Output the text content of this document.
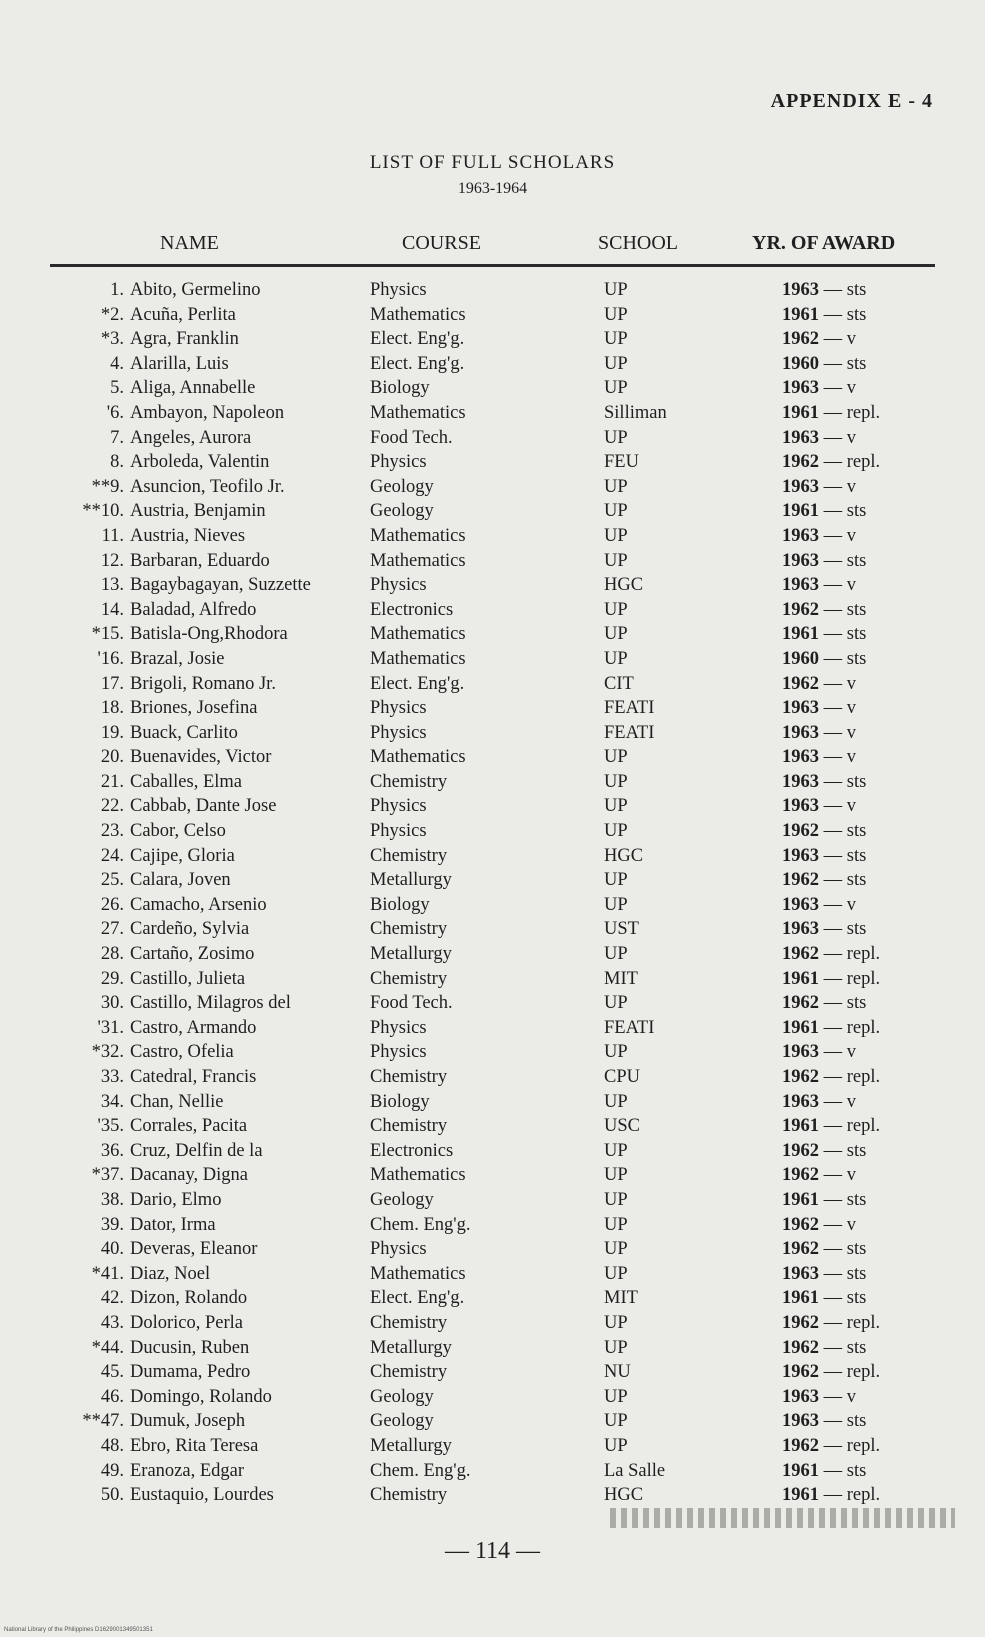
APPENDIX E - 4
LIST OF FULL SCHOLARS
1963-1964
NAME	COURSE	SCHOOL	YR. OF AWARD
1. Abito, Germelino	Physics	UP	1963 — sts
*2. Acuña, Perlita	Mathematics	UP	1961 — sts
*3. Agra, Franklin	Elect. Eng'g.	UP	1962 — v
4. Alarilla, Luis	Elect. Eng'g.	UP	1960 — sts
5. Aliga, Annabelle	Biology	UP	1963 — v
'6. Ambayon, Napoleon	Mathematics	Silliman	1961 — repl.
7. Angeles, Aurora	Food Tech.	UP	1963 — v
8. Arboleda, Valentin	Physics	FEU	1962 — repl.
**9. Asuncion, Teofilo Jr.	Geology	UP	1963 — v
**10. Austria, Benjamin	Geology	UP	1961 — sts
11. Austria, Nieves	Mathematics	UP	1963 — v
12. Barbaran, Eduardo	Mathematics	UP	1963 — sts
13. Bagaybagayan, Suzzette	Physics	HGC	1963 — v
14. Baladad, Alfredo	Electronics	UP	1962 — sts
*15. Batisla-Ong,Rhodora	Mathematics	UP	1961 — sts
'16. Brazal, Josie	Mathematics	UP	1960 — sts
17. Brigoli, Romano Jr.	Elect. Eng'g.	CIT	1962 — v
18. Briones, Josefina	Physics	FEATI	1963 — v
19. Buack, Carlito	Physics	FEATI	1963 — v
20. Buenavides, Victor	Mathematics	UP	1963 — v
21. Caballes, Elma	Chemistry	UP	1963 — sts
22. Cabbab, Dante Jose	Physics	UP	1963 — v
23. Cabor, Celso	Physics	UP	1962 — sts
24. Cajipe, Gloria	Chemistry	HGC	1963 — sts
25. Calara, Joven	Metallurgy	UP	1962 — sts
26. Camacho, Arsenio	Biology	UP	1963 — v
27. Cardeño, Sylvia	Chemistry	UST	1963 — sts
28. Cartaño, Zosimo	Metallurgy	UP	1962 — repl.
29. Castillo, Julieta	Chemistry	MIT	1961 — repl.
30. Castillo, Milagros del	Food Tech.	UP	1962 — sts
'31. Castro, Armando	Physics	FEATI	1961 — repl.
*32. Castro, Ofelia	Physics	UP	1963 — v
33. Catedral, Francis	Chemistry	CPU	1962 — repl.
34. Chan, Nellie	Biology	UP	1963 — v
'35. Corrales, Pacita	Chemistry	USC	1961 — repl.
36. Cruz, Delfin de la	Electronics	UP	1962 — sts
*37. Dacanay, Digna	Mathematics	UP	1962 — v
38. Dario, Elmo	Geology	UP	1961 — sts
39. Dator, Irma	Chem. Eng'g.	UP	1962 — v
40. Deveras, Eleanor	Physics	UP	1962 — sts
*41. Diaz, Noel	Mathematics	UP	1963 — sts
42. Dizon, Rolando	Elect. Eng'g.	MIT	1961 — sts
43. Dolorico, Perla	Chemistry	UP	1962 — repl.
*44. Ducusin, Ruben	Metallurgy	UP	1962 — sts
45. Dumama, Pedro	Chemistry	NU	1962 — repl.
46. Domingo, Rolando	Geology	UP	1963 — v
**47. Dumuk, Joseph	Geology	UP	1963 — sts
48. Ebro, Rita Teresa	Metallurgy	UP	1962 — repl.
49. Eranoza, Edgar	Chem. Eng'g.	La Salle	1961 — sts
50. Eustaquio, Lourdes	Chemistry	HGC	1961 — repl.
— 114 —
National Library of the Philippines D1629001349501351
